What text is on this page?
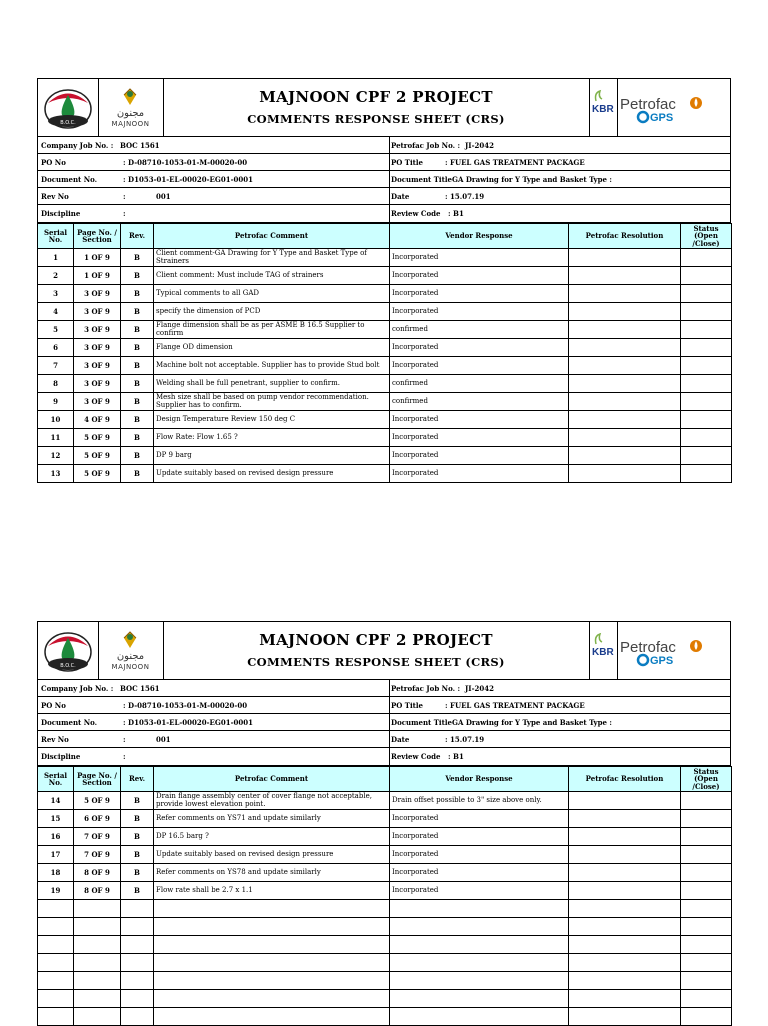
B.O.C.
مجنون
MAJNOON
MAJNOON CPF 2 PROJECT
COMMENTS RESPONSE SHEET (CRS)
KBR Petrofac
GPS
Company Job No. : BOC 1561	Petrofac Job No. : JI-2042
PO No	: D-08710-1053-01-M-00020-00	PO Title	: FUEL GAS TREATMENT PACKAGE
Document No.	: D1053-01-EL-00020-EG01-0001	Document Title GA Drawing for Y Type and Basket Type :
Rev No	:	001	Date	: 15.07.19
Discipline	:	Review Code : B1
Serial No.	Page No. / Section	Rev.	Petrofac Comment	Vendor Response	Petrofac Resolution	Status (Open /Close)
1	1 OF 9	B	Client comment-GA Drawing for Y Type and Basket Type of Strainers	Incorporated		
2	1 OF 9	B	Client comment: Must include TAG of strainers	Incorporated		
3	3 OF 9	B	Typical comments to all GAD	Incorporated		
4	3 OF 9	B	specify the dimension of PCD	Incorporated		
5	3 OF 9	B	Flange dimension shall be as per ASME B 16.5 Supplier to confirm	confirmed		
6	3 OF 9	B	Flange OD dimension	Incorporated		
7	3 OF 9	B	Machine bolt not acceptable. Supplier has to provide Stud bolt	Incorporated		
8	3 OF 9	B	Welding shall be full penetrant, supplier to confirm.	confirmed		
9	3 OF 9	B	Mesh size shall be based on pump vendor recommendation. Supplier has to confirm.	confirmed		
10	4 OF 9	B	Design Temperature Review 150 deg C	Incorporated		
11	5 OF 9	B	Flow Rate: Flow 1.65 ?	Incorporated		
12	5 OF 9	B	DP 9 barg	Incorporated		
13	5 OF 9	B	Update suitably based on revised design pressure	Incorporated		
B.O.C.
مجنون
MAJNOON
MAJNOON CPF 2 PROJECT
COMMENTS RESPONSE SHEET (CRS)
KBR Petrofac
GPS
Company Job No. : BOC 1561	Petrofac Job No. : JI-2042
PO No	: D-08710-1053-01-M-00020-00	PO Title	: FUEL GAS TREATMENT PACKAGE
Document No.	: D1053-01-EL-00020-EG01-0001	Document Title GA Drawing for Y Type and Basket Type :
Rev No	:	001	Date	: 15.07.19
Discipline	:	Review Code : B1
Serial No.	Page No. / Section	Rev.	Petrofac Comment	Vendor Response	Petrofac Resolution	Status (Open /Close)
14	5 OF 9	B	Drain flange assembly center of cover flange not acceptable, provide lowest elevation point.	Drain offset possible to 3" size above only.		
15	6 OF 9	B	Refer comments on YS71 and update similarly	Incorporated		
16	7 OF 9	B	DP 16.5 barg ?	Incorporated		
17	7 OF 9	B	Update suitably based on revised design pressure	Incorporated		
18	8 OF 9	B	Refer comments on YS78 and update similarly	Incorporated		
19	8 OF 9	B	Flow rate shall be 2.7 x 1.1	Incorporated		
